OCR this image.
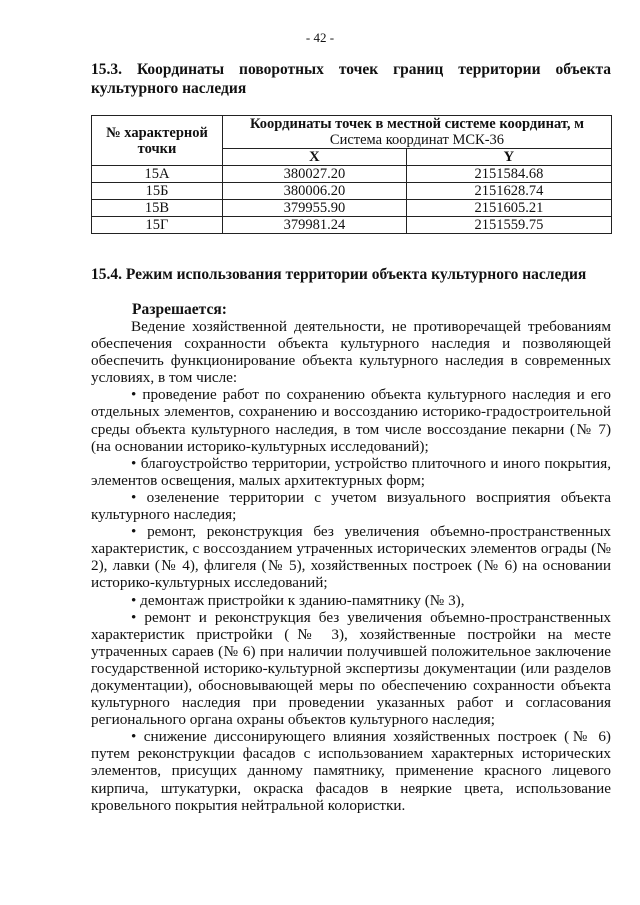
- 42 -
15.3. Координаты поворотных точек границ территории объекта культурного наследия
№ характерной точки	Координаты точек в местной системе координат, м
Система координат МСК-36	

	X	Y
15А	380027.20	2151584.68
15Б	380006.20	2151628.74
15В	379955.90	2151605.21
15Г	379981.24	2151559.75
15.4. Режим использования территории объекта культурного наследия
Разрешается:

Ведение хозяйственной деятельности, не противоречащей требованиям обеспечения сохранности объекта культурного наследия и позволяющей обеспечить функционирование объекта культурного наследия в современных условиях, в том числе:

• проведение работ по сохранению объекта культурного наследия и его отдельных элементов, сохранению и воссозданию историко-градостроительной среды объекта культурного наследия, в том числе воссоздание пекарни (№ 7) (на основании историко-культурных исследований);

• благоустройство территории, устройство плиточного и иного покрытия, элементов освещения, малых архитектурных форм;

• озеленение территории с учетом визуального восприятия объекта культурного наследия;

• ремонт, реконструкция без увеличения объемно-пространственных характеристик, с воссозданием утраченных исторических элементов ограды (№ 2), лавки (№ 4), флигеля (№ 5), хозяйственных построек (№ 6) на основании историко-культурных исследований;

• демонтаж пристройки к зданию-памятнику (№ 3),

• ремонт и реконструкция без увеличения объемно-пространственных характеристик пристройки (№ 3), хозяйственные постройки на месте утраченных сараев (№ 6) при наличии получившей положительное заключение государственной историко-культурной экспертизы документации (или разделов документации), обосновывающей меры по обеспечению сохранности объекта культурного наследия при проведении указанных работ и согласования регионального органа охраны объектов культурного наследия;

• снижение диссонирующего влияния хозяйственных построек (№ 6) путем реконструкции фасадов с использованием характерных исторических элементов, присущих данному памятнику, применение красного лицевого кирпича, штукатурки, окраска фасадов в неяркие цвета, использование кровельного покрытия нейтральной колористки.
